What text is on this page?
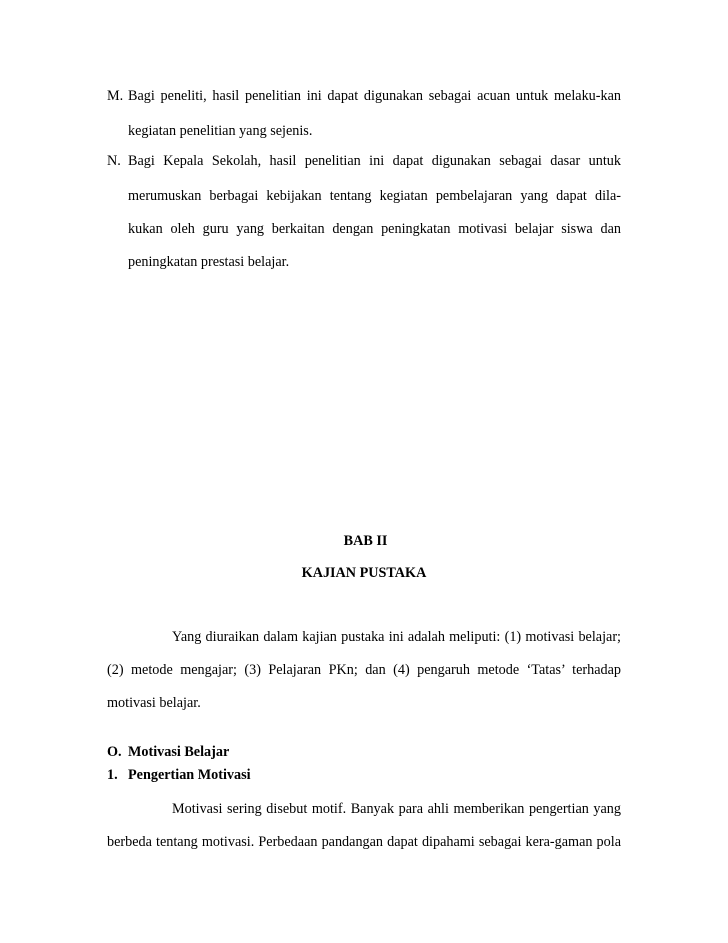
M. Bagi peneliti, hasil penelitian ini dapat digunakan sebagai acuan untuk melaku-kan
kegiatan penelitian yang sejenis.
N. Bagi Kepala Sekolah, hasil penelitian ini dapat digunakan sebagai dasar untuk
merumuskan berbagai kebijakan tentang kegiatan pembelajaran yang dapat dila-
kukan oleh guru yang berkaitan dengan peningkatan motivasi belajar siswa dan
peningkatan prestasi belajar.
BAB II
KAJIAN PUSTAKA
Yang diuraikan dalam kajian pustaka ini adalah meliputi: (1) motivasi belajar;
(2) metode mengajar; (3) Pelajaran PKn; dan (4) pengaruh metode ‘Tatas’ terhadap
motivasi belajar.
O. Motivasi Belajar
1. Pengertian Motivasi
Motivasi sering disebut motif. Banyak para ahli memberikan pengertian yang
berbeda tentang motivasi. Perbedaan pandangan dapat dipahami sebagai kera-gaman pola
